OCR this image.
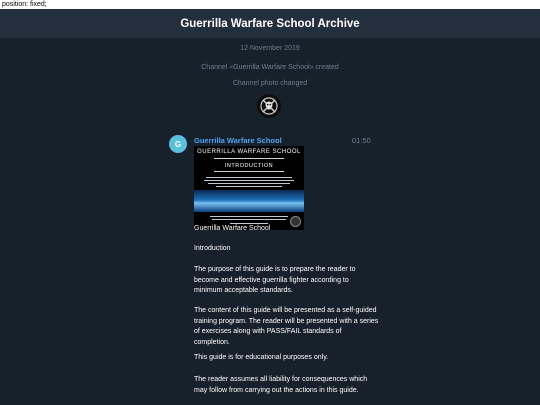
position: fixed;
Guerrilla Warfare School Archive
12 November 2019
Channel «Guerrilla Warfare School» created
Channel photo changed
G Guerrilla Warfare School	01:50
GUERRILLA WARFARE SCHOOL
INTRODUCTION
Guerrilla Warfare School
Introduction
The purpose of this guide is to prepare the reader to become and effective guerrilla fighter according to minimum acceptable standards.
The content of this guide will be presented as a self-guided training program. The reader will be presented with a series of exercises along with PASS/FAIL standards of completion.
This guide is for educational purposes only.
The reader assumes all liability for consequences which may follow from carrying out the actions in this guide.
